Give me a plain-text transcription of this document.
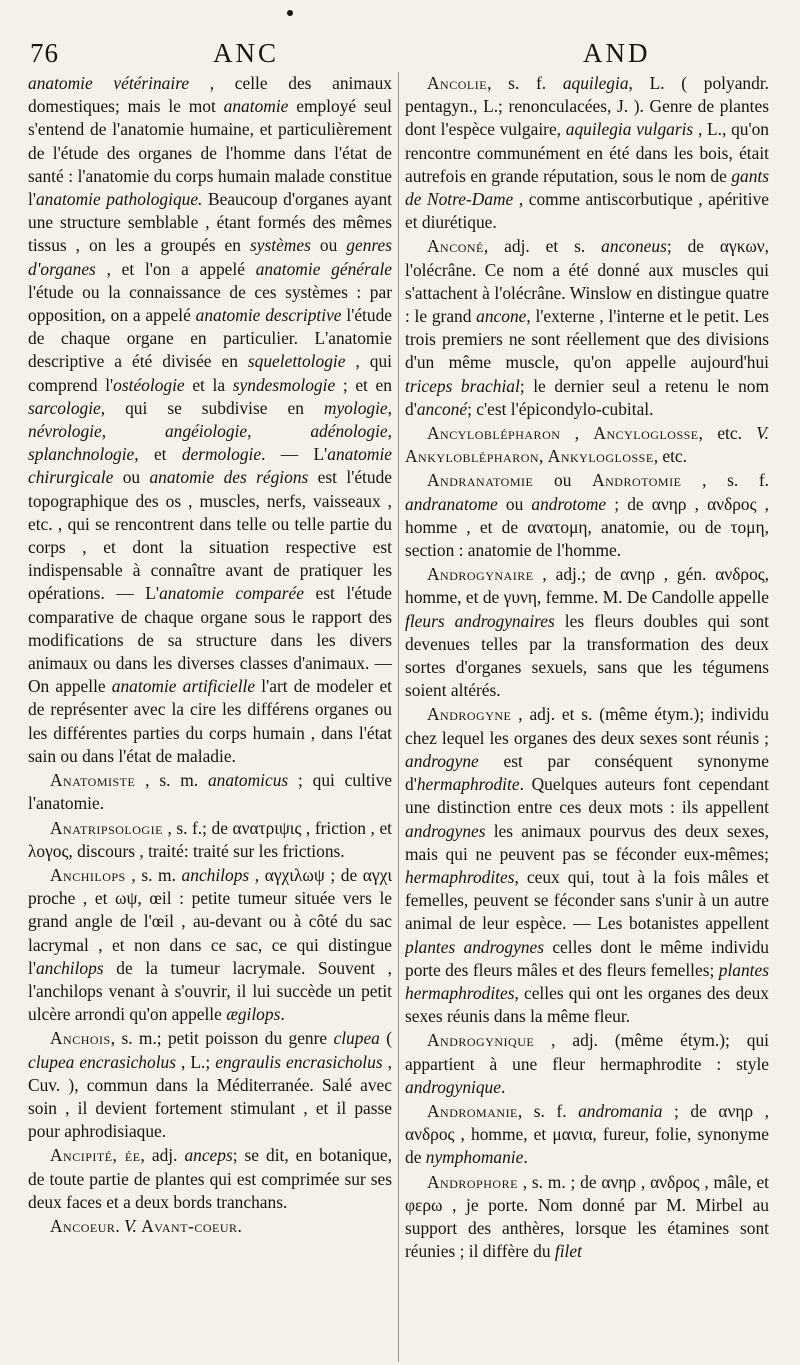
76	ANC	AND

anatomie vétérinaire , celle des animaux domestiques; mais le mot anatomie employé seul s'entend de l'anatomie humaine, et particulièrement de l'étude des organes de l'homme dans l'état de santé : l'anatomie du corps humain malade constitue l'anatomie pathologique. Beaucoup d'organes ayant une structure semblable , étant formés des mêmes tissus , on les a groupés en systèmes ou genres d'organes , et l'on a appelé anatomie générale l'étude ou la connaissance de ces systèmes : par opposition, on a appelé anatomie descriptive l'étude de chaque organe en particulier. L'anatomie descriptive a été divisée en squelettologie , qui comprend l'ostéologie et la syndesmologie ; et en sarcologie, qui se subdivise en myologie, névrologie, angéiologie, adénologie, splanchnologie, et dermologie. — L'anatomie chirurgicale ou anatomie des régions est l'étude topographique des os , muscles, nerfs, vaisseaux , etc. , qui se rencontrent dans telle ou telle partie du corps , et dont la situation respective est indispensable à connaître avant de pratiquer les opérations. — L'anatomie comparée est l'étude comparative de chaque organe sous le rapport des modifications de sa structure dans les divers animaux ou dans les diverses classes d'animaux. — On appelle anatomie artificielle l'art de modeler et de représenter avec la cire les différens organes ou les différentes parties du corps humain , dans l'état sain ou dans l'état de maladie.

Anatomiste , s. m. anatomicus ; qui cultive l'anatomie.

Anatripsologie , s. f.; de ανατριψις , friction , et λογος, discours , traité: traité sur les frictions.

Anchilops , s. m. anchilops , αγχιλωψ ; de αγχι proche , et ωψ, œil : petite tumeur située vers le grand angle de l'œil , au-devant ou à côté du sac lacrymal , et non dans ce sac, ce qui distingue l'anchilops de la tumeur lacrymale. Souvent , l'anchilops venant à s'ouvrir, il lui succède un petit ulcère arrondi qu'on appelle ægilops.

Anchois, s. m.; petit poisson du genre clupea ( clupea encrasicholus , L.; engraulis encrasicholus , Cuv. ), commun dans la Méditerranée. Salé avec soin , il devient fortement stimulant , et il passe pour aphrodisiaque.

Ancipité, ée, adj. anceps; se dit, en botanique, de toute partie de plantes qui est comprimée sur ses deux faces et a deux bords tranchans.

Ancoeur. V. Avant-coeur.

Ancolie, s. f. aquilegia, L. ( polyandr. pentagyn., L.; renonculacées, J. ). Genre de plantes dont l'espèce vulgaire, aquilegia vulgaris , L., qu'on rencontre communément en été dans les bois, était autrefois en grande réputation, sous le nom de gants de Notre-Dame , comme antiscorbutique , apéritive et diurétique.

Anconé, adj. et s. anconeus; de αγκων, l'olécrâne. Ce nom a été donné aux muscles qui s'attachent à l'olécrâne. Winslow en distingue quatre : le grand ancone, l'externe , l'interne et le petit. Les trois premiers ne sont réellement que des divisions d'un même muscle, qu'on appelle aujourd'hui triceps brachial; le dernier seul a retenu le nom d'anconé; c'est l'épicondylo-cubital.

Ancyloblépharon , Ancyloglosse, etc. V. Ankyloblépharon, Ankyloglosse, etc.

Andranatomie ou Androtomie , s. f. andranatome ou androtome ; de ανηρ , ανδρος , homme , et de ανατομη, anatomie, ou de τομη, section : anatomie de l'homme.

Androgynaire , adj.; de ανηρ , gén. ανδρος, homme, et de γυνη, femme. M. De Candolle appelle fleurs androgynaires les fleurs doubles qui sont devenues telles par la transformation des deux sortes d'organes sexuels, sans que les tégumens soient altérés.

Androgyne , adj. et s. (même étym.); individu chez lequel les organes des deux sexes sont réunis ; androgyne est par conséquent synonyme d'hermaphrodite. Quelques auteurs font cependant une distinction entre ces deux mots : ils appellent androgynes les animaux pourvus des deux sexes, mais qui ne peuvent pas se féconder eux-mêmes; hermaphrodites, ceux qui, tout à la fois mâles et femelles, peuvent se féconder sans s'unir à un autre animal de leur espèce. — Les botanistes appellent plantes androgynes celles dont le même individu porte des fleurs mâles et des fleurs femelles; plantes hermaphrodites, celles qui ont les organes des deux sexes réunis dans la même fleur.

Androgynique , adj. (même étym.); qui appartient à une fleur hermaphrodite : style androgynique.

Andromanie, s. f. andromania ; de ανηρ , ανδρος , homme, et μανια, fureur, folie, synonyme de nymphomanie.

Androphore , s. m. ; de ανηρ , ανδρος , mâle, et φερω , je porte. Nom donné par M. Mirbel au support des anthères, lorsque les étamines sont réunies ; il diffère du filet
